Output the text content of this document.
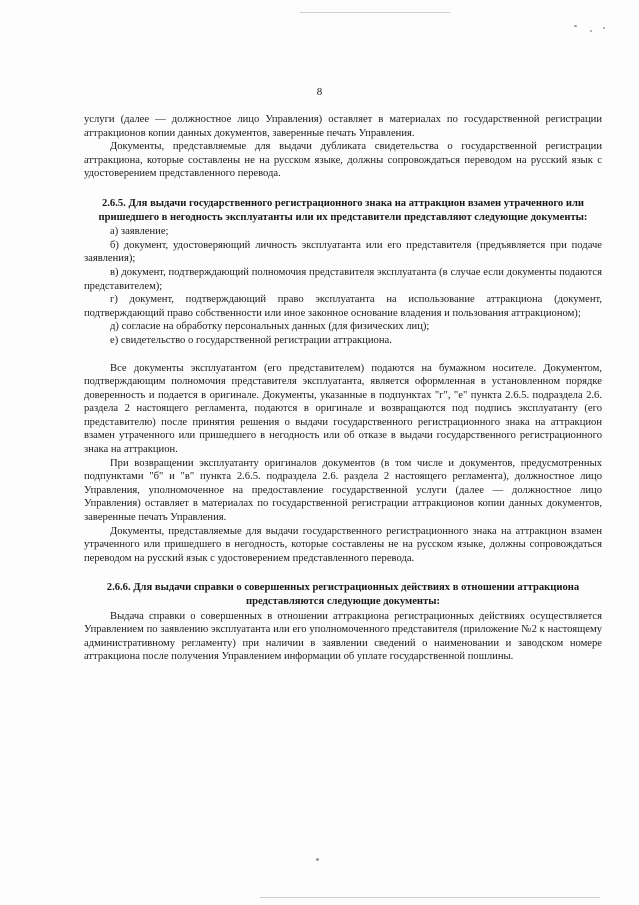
8

услуги (далее — должностное лицо Управления) оставляет в материалах по государственной регистрации аттракционов копии данных документов, заверенные печать Управления.

Документы, представляемые для выдачи дубликата свидетельства о государственной регистрации аттракциона, которые составлены не на русском языке, должны сопровождаться переводом на русский язык с удостоверением представленного перевода.

2.6.5. Для выдачи государственного регистрационного знака на аттракцион взамен утраченного или пришедшего в негодность эксплуатанты или их представители представляют следующие документы:

а) заявление;

б) документ, удостоверяющий личность эксплуатанта или его представителя (предъявляется при подаче заявления);

в) документ, подтверждающий полномочия представителя эксплуатанта (в случае если документы подаются представителем);

г) документ, подтверждающий право эксплуатанта на использование аттракциона (документ, подтверждающий право собственности или иное законное основание владения и пользования аттракционом);

д) согласие на обработку персональных данных (для физических лиц);

е) свидетельство о государственной регистрации аттракциона.

Все документы эксплуатантом (его представителем) подаются на бумажном носителе. Документом, подтверждающим полномочия представителя эксплуатанта, является оформленная в установленном порядке доверенность и подается в оригинале. Документы, указанные в подпунктах "г", "е" пункта 2.6.5. подраздела 2.6. раздела 2 настоящего регламента, подаются в оригинале и возвращаются под подпись эксплуатанту (его представителю) после принятия решения о выдачи государственного регистрационного знака на аттракцион взамен утраченного или пришедшего в негодность или об отказе в выдачи государственного регистрационного знака на аттракцион.

При возвращении эксплуатанту оригиналов документов (в том числе и документов, предусмотренных подпунктами "б" и "в" пункта 2.6.5. подраздела 2.6. раздела 2 настоящего регламента), должностное лицо Управления, уполномоченное на предоставление государственной услуги (далее — должностное лицо Управления) оставляет в материалах по государственной регистрации аттракционов копии данных документов, заверенные печать Управления.

Документы, представляемые для выдачи государственного регистрационного знака на аттракцион взамен утраченного или пришедшего в негодность, которые составлены не на русском языке, должны сопровождаться переводом на русский язык с удостоверением представленного перевода.

2.6.6. Для выдачи справки о совершенных регистрационных действиях в отношении аттракциона представляются следующие документы:

Выдача справки о совершенных в отношении аттракциона регистрационных действиях осуществляется Управлением по заявлению эксплуатанта или его уполномоченного представителя (приложение №2 к настоящему административному регламенту) при наличии в заявлении сведений о наименовании и заводском номере аттракциона после получения Управлением информации об уплате государственной пошлины.
